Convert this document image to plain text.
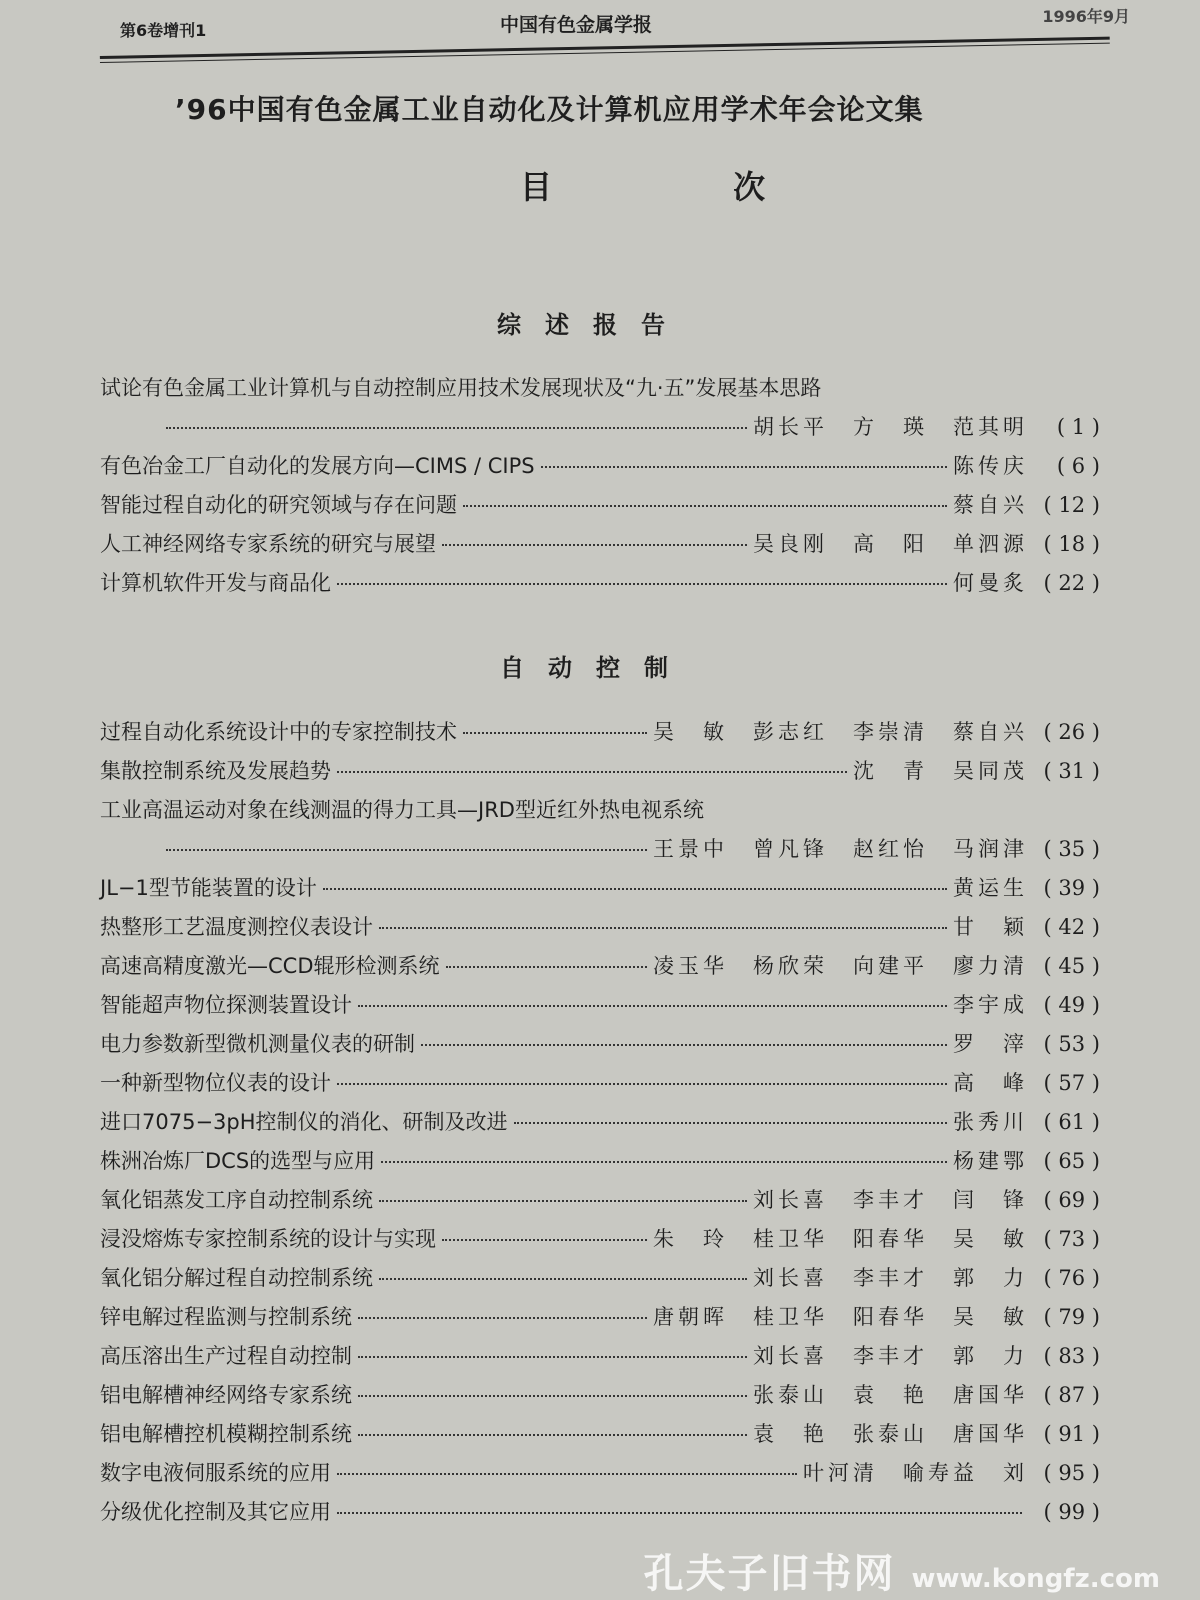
第6卷增刊1	中国有色金属学报	1996年9月
’96中国有色金属工业自动化及计算机应用学术年会论文集
目 次
综述报告
试论有色金属工业计算机与自动控制应用技术发展现状及“九·五”发展基本思路
胡长平　方　瑛　范其明	( 1 )
有色冶金工厂自动化的发展方向—CIMS / CIPS	陈传庆	( 6 )
智能过程自动化的研究领域与存在问题	蔡自兴 ( 12 )
人工神经网络专家系统的研究与展望	吴良刚　高　阳　单泗源 ( 18 )
计算机软件开发与商品化	何曼炙 ( 22 )
自动控制
过程自动化系统设计中的专家控制技术	吴　敏　彭志红　李崇清　蔡自兴 ( 26 )
集散控制系统及发展趋势	沈　青　吴同茂 ( 31 )
工业高温运动对象在线测温的得力工具—JRD型近红外热电视系统
王景中　曾凡锋　赵红怡　马润津 ( 35 )
JL−1型节能装置的设计	黄运生 ( 39 )
热整形工艺温度测控仪表设计	甘　颖 ( 42 )
高速高精度激光—CCD辊形检测系统	凌玉华　杨欣荣　向建平　廖力清 ( 45 )
智能超声物位探测装置设计	李宇成 ( 49 )
电力参数新型微机测量仪表的研制	罗　滓 ( 53 )
一种新型物位仪表的设计	高　峰 ( 57 )
进口7075−3pH控制仪的消化、研制及改进	张秀川 ( 61 )
株洲冶炼厂DCS的选型与应用	杨建鄂 ( 65 )
氧化铝蒸发工序自动控制系统	刘长喜　李丰才　闫　锋 ( 69 )
浸没熔炼专家控制系统的设计与实现	朱　玲　桂卫华　阳春华　吴　敏 ( 73 )
氧化铝分解过程自动控制系统	刘长喜　李丰才　郭　力 ( 76 )
锌电解过程监测与控制系统	唐朝晖　桂卫华　阳春华　吴　敏 ( 79 )
高压溶出生产过程自动控制	刘长喜　李丰才　郭　力 ( 83 )
铝电解槽神经网络专家系统	张泰山　袁　艳　唐国华 ( 87 )
铝电解槽控机模糊控制系统	袁　艳　张泰山　唐国华 ( 91 )
数字电液伺服系统的应用	叶河清　喻寿益　刘 ( 95 )
分级优化控制及其它应用	( 99 )
孔夫子旧书网 www.kongfz.com
